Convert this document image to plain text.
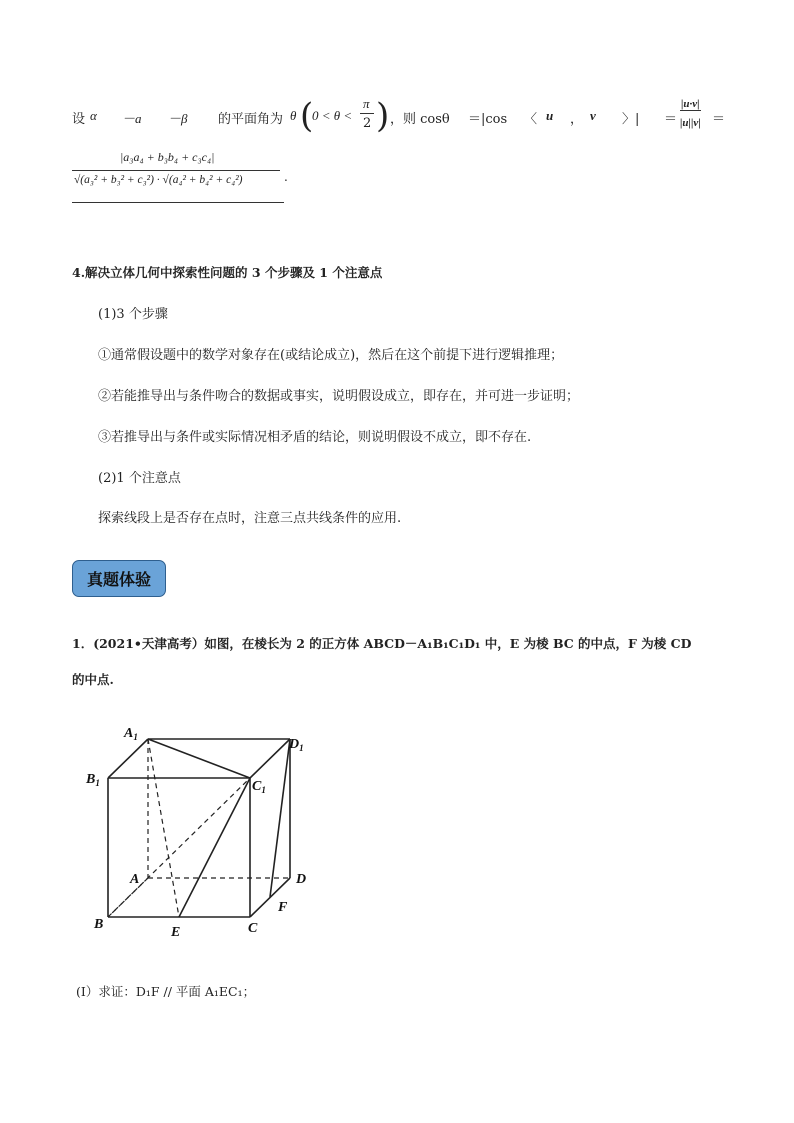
设 α －a －β 的平面角为 θ (
0 < θ <
π
2 ) ，则 cosθ ＝|cos 〈 u ， v 〉| ＝
|u·v|
|u||v| ＝
|a₃a₄ + b₃b₄ + c₃c₄|
√(a₃² + b₃² + c₃²) · √(a₄² + b₄² + c₄²)	.
4.解决立体几何中探索性问题的 3 个步骤及 1 个注意点
(1)3 个步骤
①通常假设题中的数学对象存在(或结论成立)，然后在这个前提下进行逻辑推理；
②若能推导出与条件吻合的数据或事实，说明假设成立，即存在，并可进一步证明；
③若推导出与条件或实际情况相矛盾的结论，则说明假设不成立，即不存在.
(2)1 个注意点
探索线段上是否存在点时，注意三点共线条件的应用.
真题体验
1．(2021•天津高考）如图，在棱长为 2 的正方体 ABCD－A₁B₁C₁D₁ 中，E 为棱 BC 的中点，F 为棱 CD
的中点.
$A_1$	$D_1$
$B_1$	$C_1$
A	D
F
B
E	C
(I）求证：D₁F // 平面 A₁EC₁；
